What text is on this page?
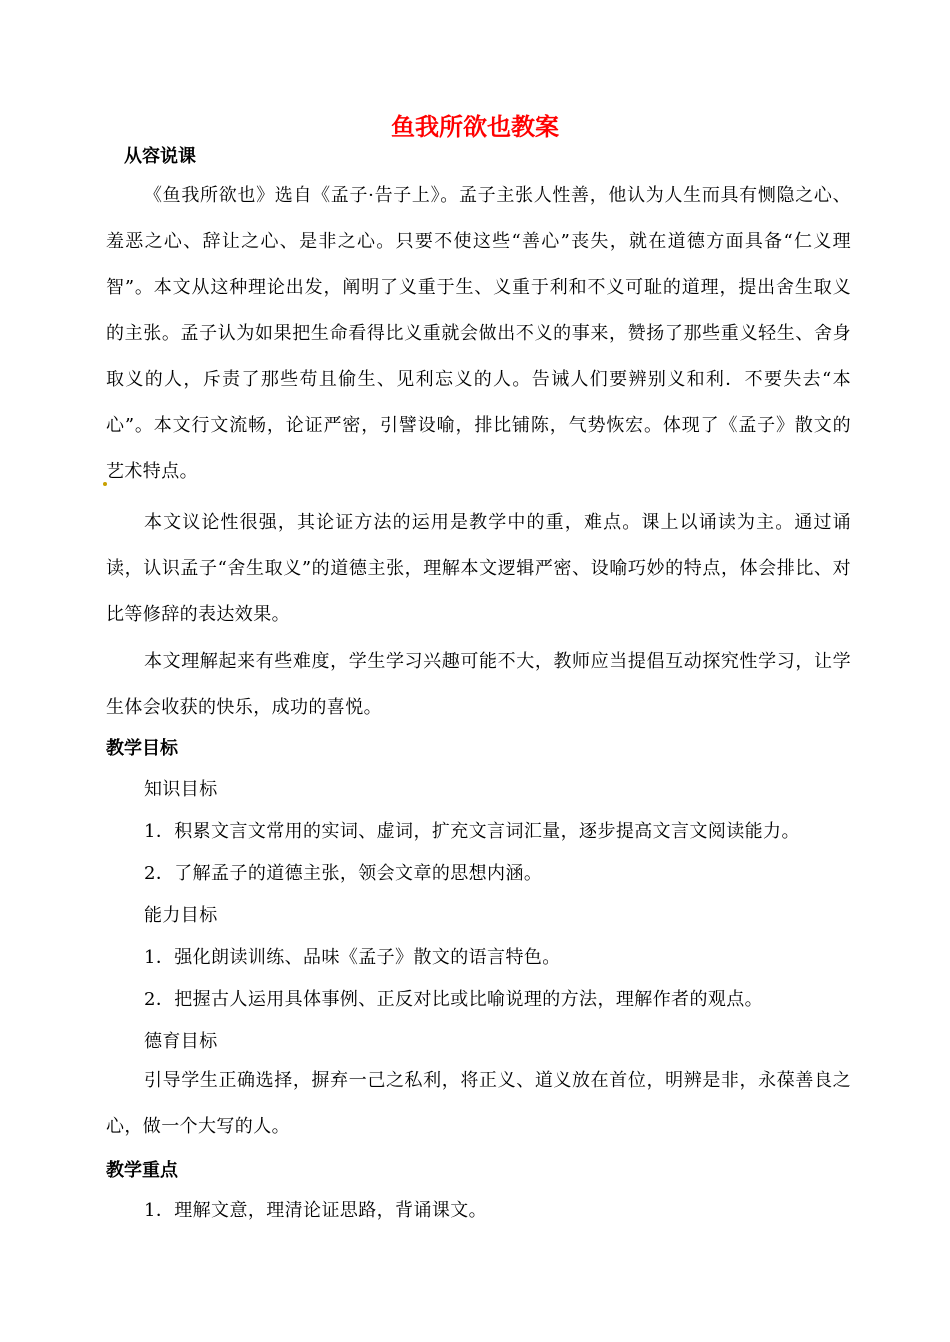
鱼我所欲也教案
从容说课
《鱼我所欲也》选自《孟子·告子上》。孟子主张人性善，他认为人生而具有恻隐之心、羞恶之心、辞让之心、是非之心。只要不使这些“善心”丧失，就在道德方面具备“仁义理智”。本文从这种理论出发，阐明了义重于生、义重于利和不义可耻的道理，提出舍生取义的主张。孟子认为如果把生命看得比义重就会做出不义的事来，赞扬了那些重义轻生、舍身取义的人，斥责了那些苟且偷生、见利忘义的人。告诫人们要辨别义和利．不要失去“本心”。本文行文流畅，论证严密，引譬设喻，排比铺陈，气势恢宏。体现了《孟子》散文的艺术特点。
本文议论性很强，其论证方法的运用是教学中的重，难点。课上以诵读为主。通过诵读，认识孟子“舍生取义”的道德主张，理解本文逻辑严密、设喻巧妙的特点，体会排比、对比等修辞的表达效果。
本文理解起来有些难度，学生学习兴趣可能不大，教师应当提倡互动探究性学习，让学生体会收获的快乐，成功的喜悦。
教学目标
知识目标
1．积累文言文常用的实词、虚词，扩充文言词汇量，逐步提高文言文阅读能力。
2．了解孟子的道德主张，领会文章的思想内涵。
能力目标
1．强化朗读训练、品味《孟子》散文的语言特色。
2．把握古人运用具体事例、正反对比或比喻说理的方法，理解作者的观点。
德育目标
引导学生正确选择，摒弃一己之私利，将正义、道义放在首位，明辨是非，永葆善良之心，做一个大写的人。
教学重点
1．理解文意，理清论证思路，背诵课文。
